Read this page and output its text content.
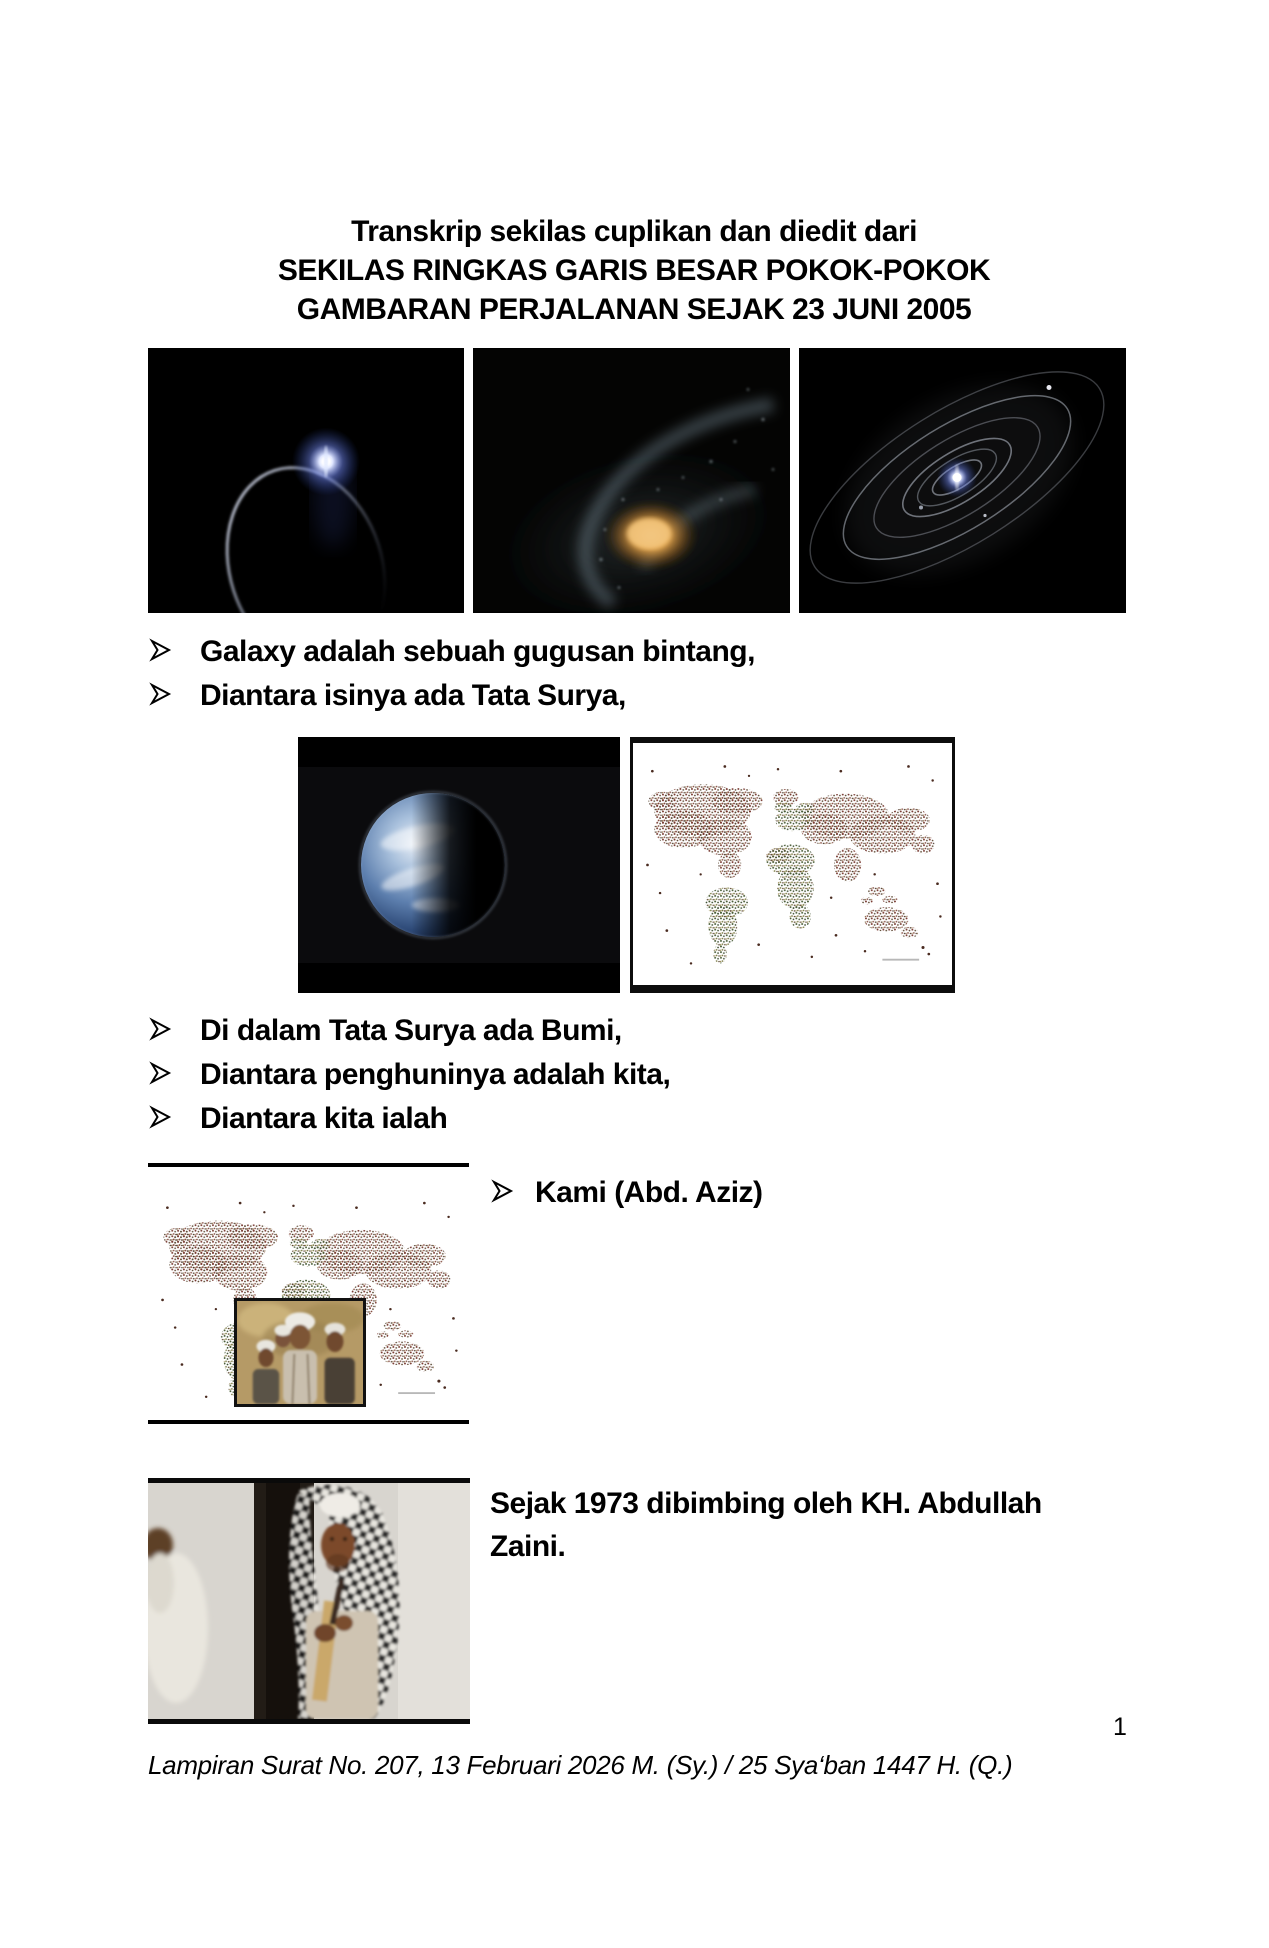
Transkrip sekilas cuplikan dan diedit dari
SEKILAS RINGKAS GARIS BESAR POKOK-POKOK
GAMBARAN PERJALANAN SEJAK 23 JUNI 2005
Galaxy adalah sebuah gugusan bintang,
Diantara isinya ada Tata Surya,
Di dalam Tata Surya ada Bumi,
Diantara penghuninya adalah kita,
Diantara kita ialah
Kami (Abd. Aziz)
Sejak 1973 dibimbing oleh KH. Abdullah Zaini.
1
Lampiran Surat No. 207, 13 Februari 2026 M. (Sy.) / 25 Sya‘ban 1447 H. (Q.)
